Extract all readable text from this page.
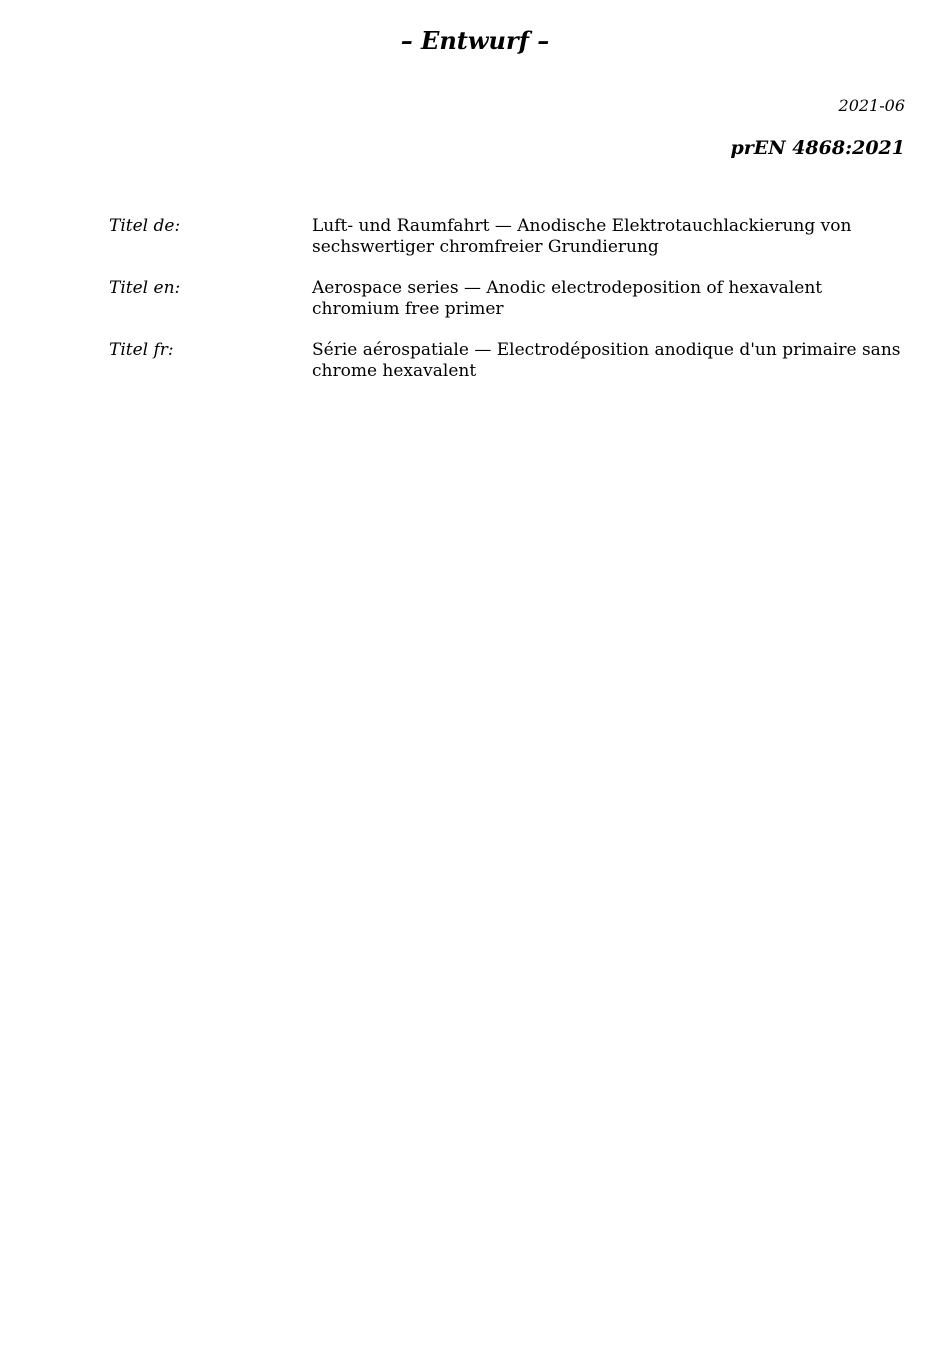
– Entwurf –
2021-06
prEN 4868:2021
Titel de:	Luft- und Raumfahrt — Anodische Elektrotauchlackierung von sechswertiger chromfreier Grundierung
Titel en:	Aerospace series — Anodic electrodeposition of hexavalent chromium free primer
Titel fr:	Série aérospatiale — Electrodéposition anodique d'un primaire sans chrome hexavalent
